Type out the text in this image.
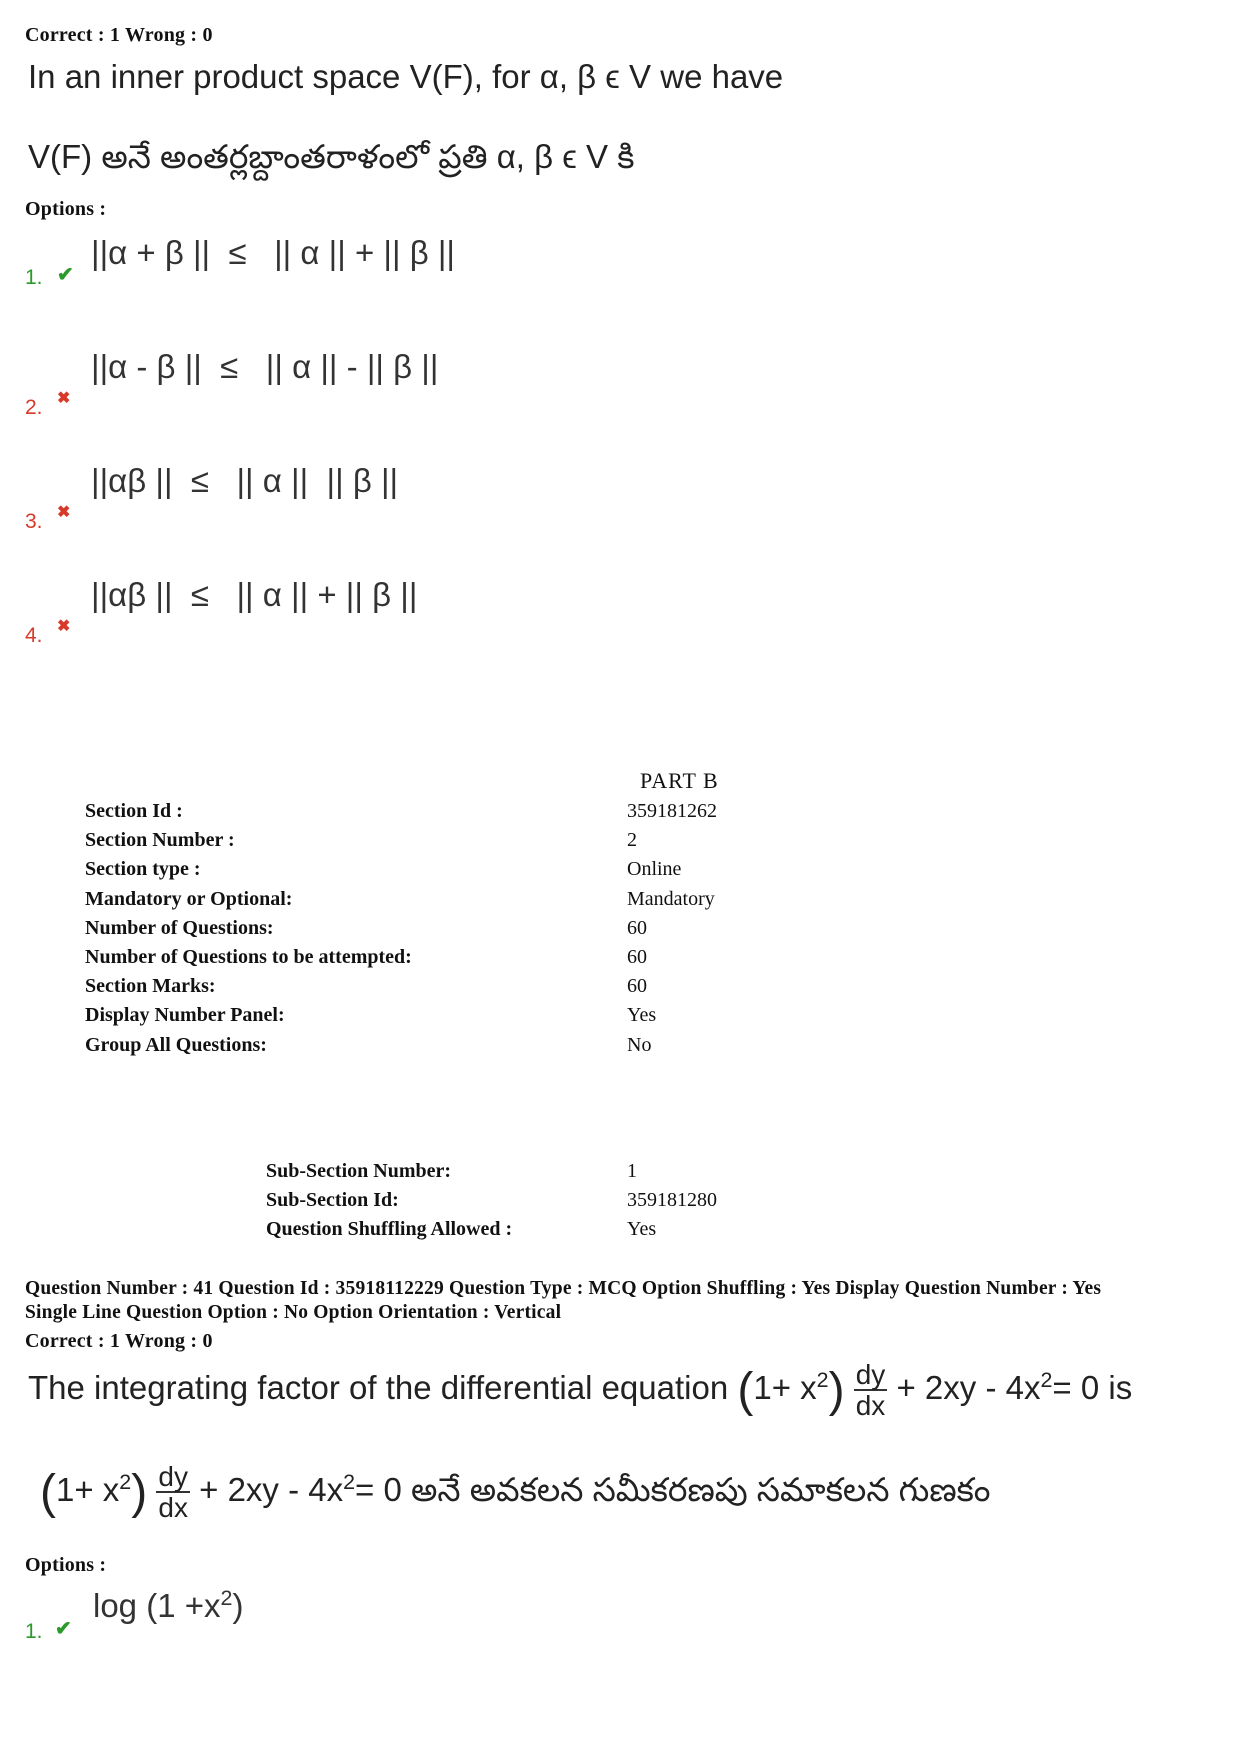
Correct : 1 Wrong : 0
In an inner product space V(F), for α, β ϵ V we have
V(F) అనే అంతర్లబ్దాంతరాళంలో ప్రతి α, β ϵ V కి
Options :
1. ✔
||α + β ||  ≤   || α || + || β ||
2. ✖
||α - β ||  ≤   || α || - || β ||
3. ✖
||αβ ||  ≤   || α ||  || β ||
4. ✖
||αβ ||  ≤   || α || + || β ||
PART B
Section Id :	359181262
Section Number :	2
Section type :	Online
Mandatory or Optional:	Mandatory
Number of Questions:	60
Number of Questions to be attempted:	60
Section Marks:	60
Display Number Panel:	Yes
Group All Questions:	No
Sub-Section Number:	1
Sub-Section Id:	359181280
Question Shuffling Allowed :	Yes
Question Number : 41 Question Id : 35918112229 Question Type : MCQ Option Shuffling : Yes Display Question Number : Yes
Single Line Question Option : No Option Orientation : Vertical
Correct : 1 Wrong : 0
The integrating factor of the differential equation $(1+ x^2) \frac{dy}{dx} + 2xy - 4x^2= 0$ is
$(1+ x^2) \frac{dy}{dx} + 2xy - 4x^2= 0$ అనే అవకలన సమీకరణపు సమాకలన గుణకం
Options :
1. ✔
$\log (1 +x^2)$
